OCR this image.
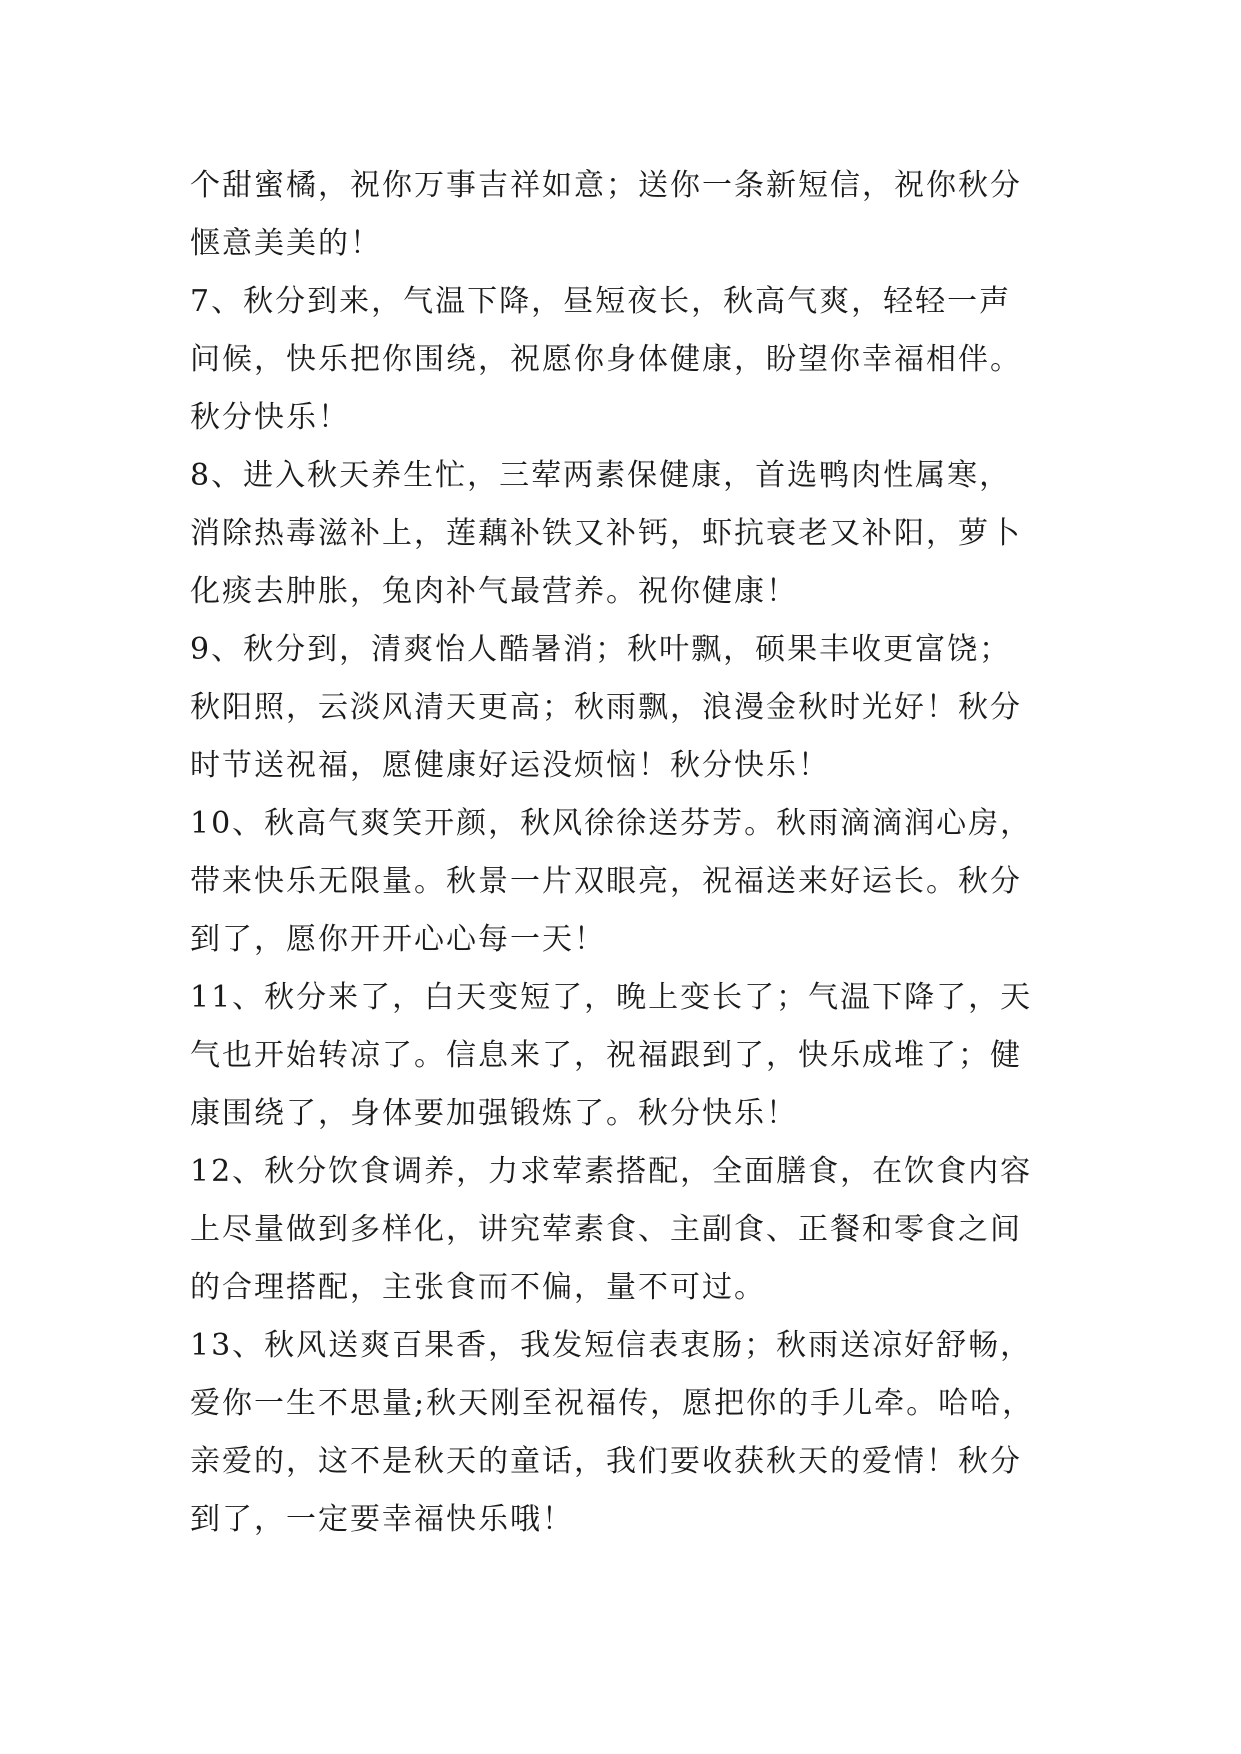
个甜蜜橘，祝你万事吉祥如意；送你一条新短信，祝你秋分
惬意美美的！
7、秋分到来，气温下降，昼短夜长，秋高气爽，轻轻一声
问候，快乐把你围绕，祝愿你身体健康，盼望你幸福相伴。
秋分快乐！
8、进入秋天养生忙，三荤两素保健康，首选鸭肉性属寒，
消除热毒滋补上，莲藕补铁又补钙，虾抗衰老又补阳，萝卜
化痰去肿胀，兔肉补气最营养。祝你健康！
9、秋分到，清爽怡人酷暑消；秋叶飘，硕果丰收更富饶；
秋阳照，云淡风清天更高；秋雨飘，浪漫金秋时光好！秋分
时节送祝福，愿健康好运没烦恼！秋分快乐！
10、秋高气爽笑开颜，秋风徐徐送芬芳。秋雨滴滴润心房，
带来快乐无限量。秋景一片双眼亮，祝福送来好运长。秋分
到了，愿你开开心心每一天！
11、秋分来了，白天变短了，晚上变长了；气温下降了，天
气也开始转凉了。信息来了，祝福跟到了，快乐成堆了；健
康围绕了，身体要加强锻炼了。秋分快乐！
12、秋分饮食调养，力求荤素搭配，全面膳食，在饮食内容
上尽量做到多样化，讲究荤素食、主副食、正餐和零食之间
的合理搭配，主张食而不偏，量不可过。
13、秋风送爽百果香，我发短信表衷肠；秋雨送凉好舒畅，
爱你一生不思量;秋天刚至祝福传，愿把你的手儿牵。哈哈，
亲爱的，这不是秋天的童话，我们要收获秋天的爱情！秋分
到了，一定要幸福快乐哦！
